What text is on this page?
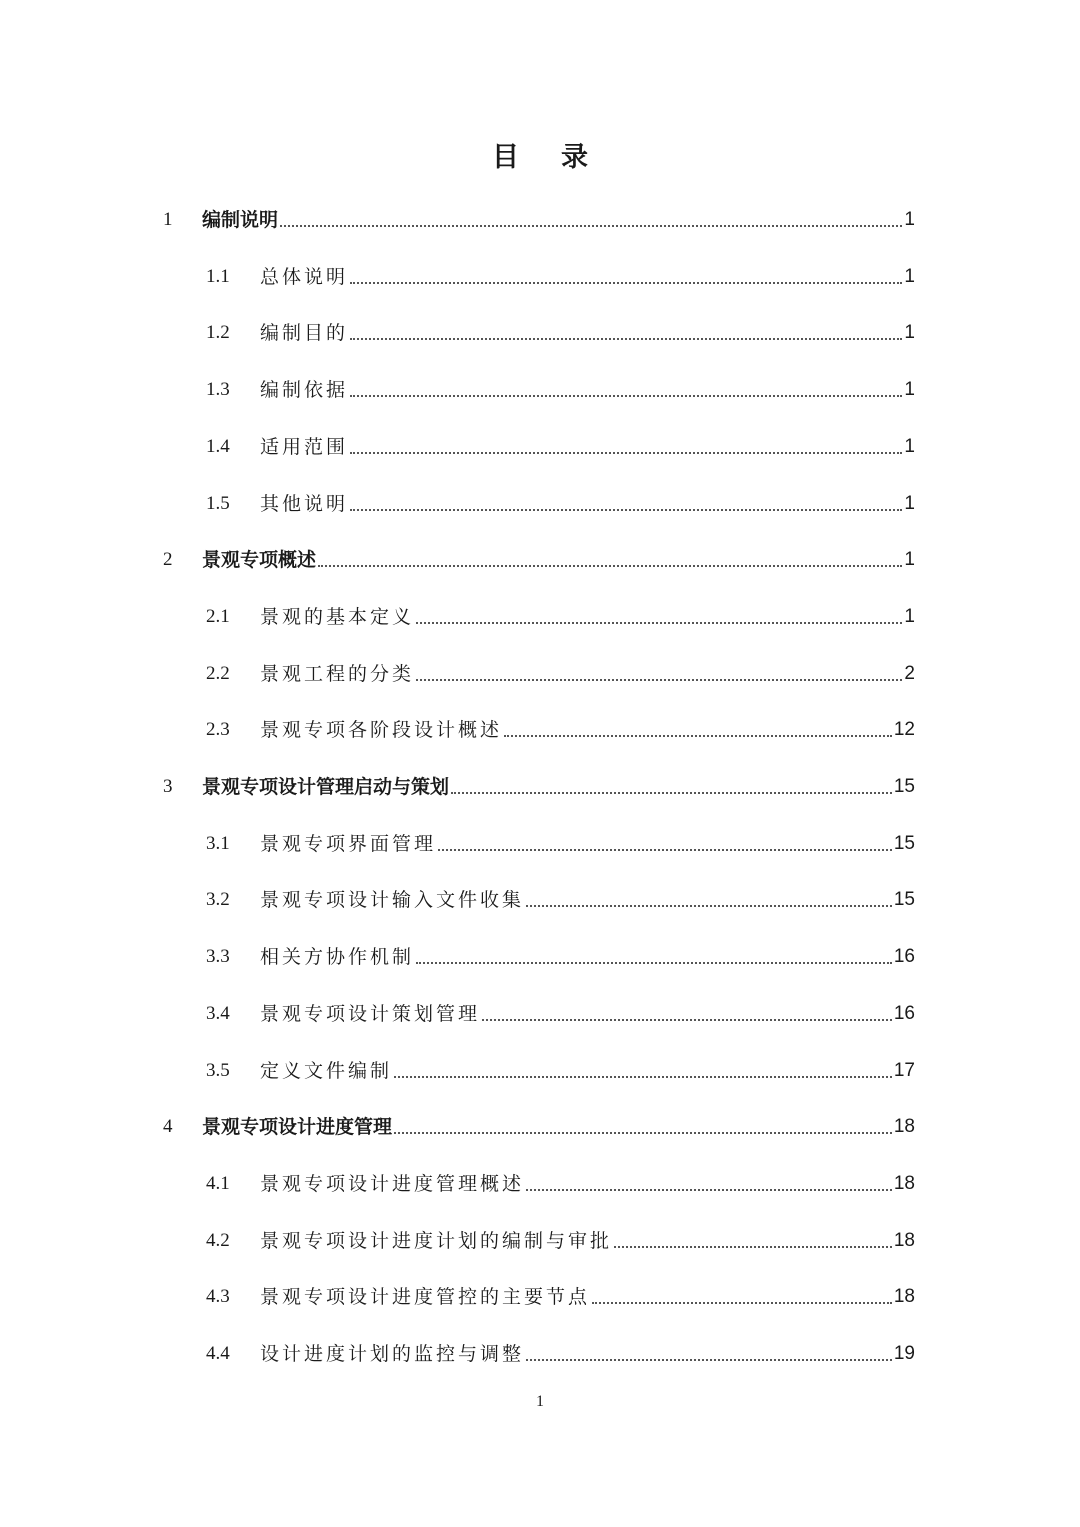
目 录
1	编制说明	1
1.1	总体说明	1
1.2	编制目的	1
1.3	编制依据	1
1.4	适用范围	1
1.5	其他说明	1
2	景观专项概述	1
2.1	景观的基本定义	1
2.2	景观工程的分类	2
2.3	景观专项各阶段设计概述	12
3	景观专项设计管理启动与策划	15
3.1	景观专项界面管理	15
3.2	景观专项设计输入文件收集	15
3.3	相关方协作机制	16
3.4	景观专项设计策划管理	16
3.5	定义文件编制	17
4	景观专项设计进度管理	18
4.1	景观专项设计进度管理概述	18
4.2	景观专项设计进度计划的编制与审批	18
4.3	景观专项设计进度管控的主要节点	18
4.4	设计进度计划的监控与调整	19
1
